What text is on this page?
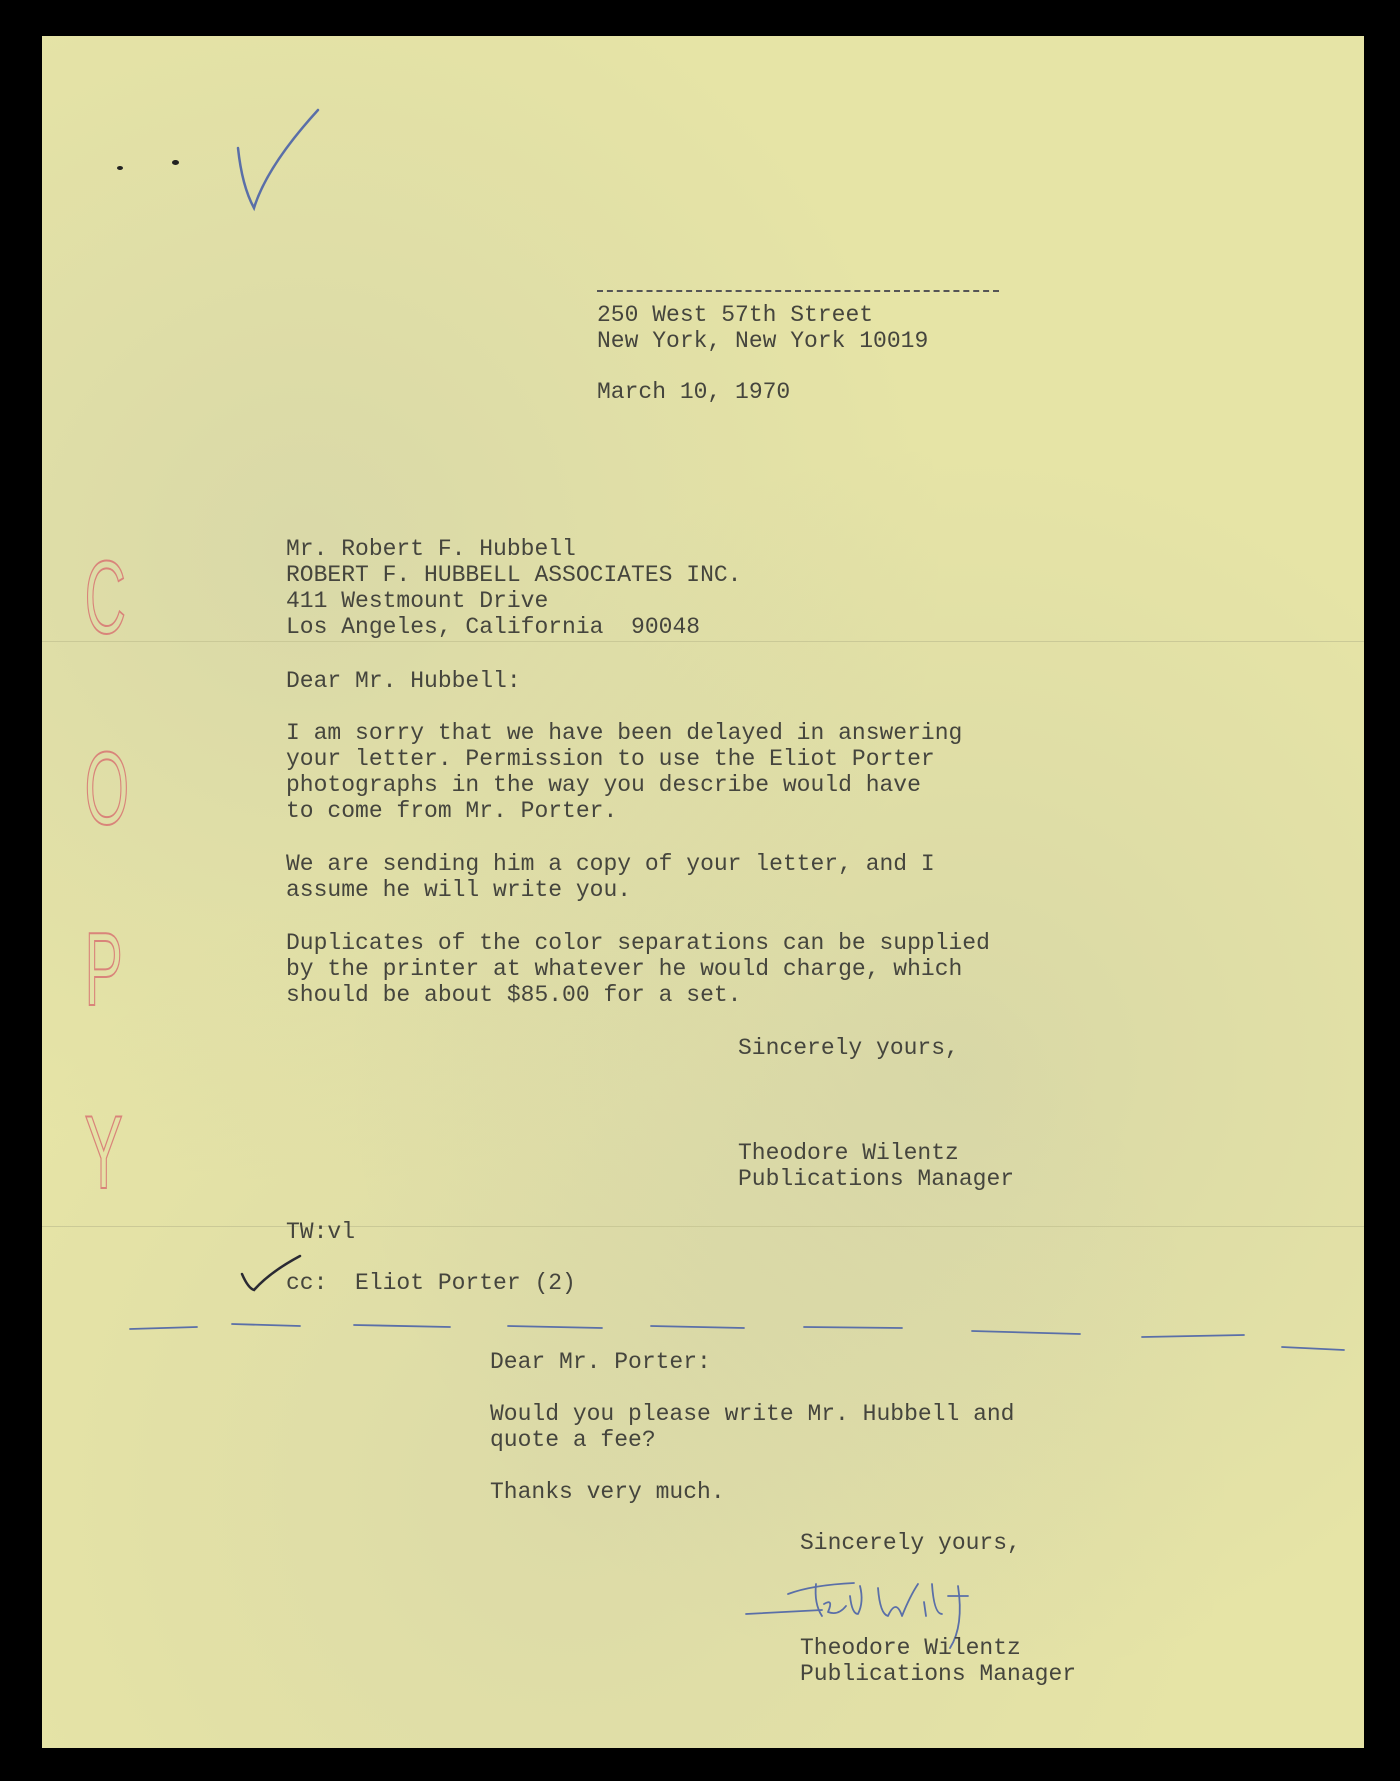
C
O
P
Y

250 West 57th Street

New York, New York 10019

March 10, 1970

Mr. Robert F. Hubbell

ROBERT F. HUBBELL ASSOCIATES INC.

411 Westmount Drive

Los Angeles, California  90048

Dear Mr. Hubbell:

I am sorry that we have been delayed in answering
your letter. Permission to use the Eliot Porter
photographs in the way you describe would have
to come from Mr. Porter.

We are sending him a copy of your letter, and I
assume he will write you.

Duplicates of the color separations can be supplied
by the printer at whatever he would charge, which
should be about $85.00 for a set.

Sincerely yours,

Theodore Wilentz

Publications Manager

TW:vl

cc:  Eliot Porter (2)

Dear Mr. Porter:

Would you please write Mr. Hubbell and
quote a fee?

Thanks very much.

Sincerely yours,

Theodore Wilentz

Publications Manager
